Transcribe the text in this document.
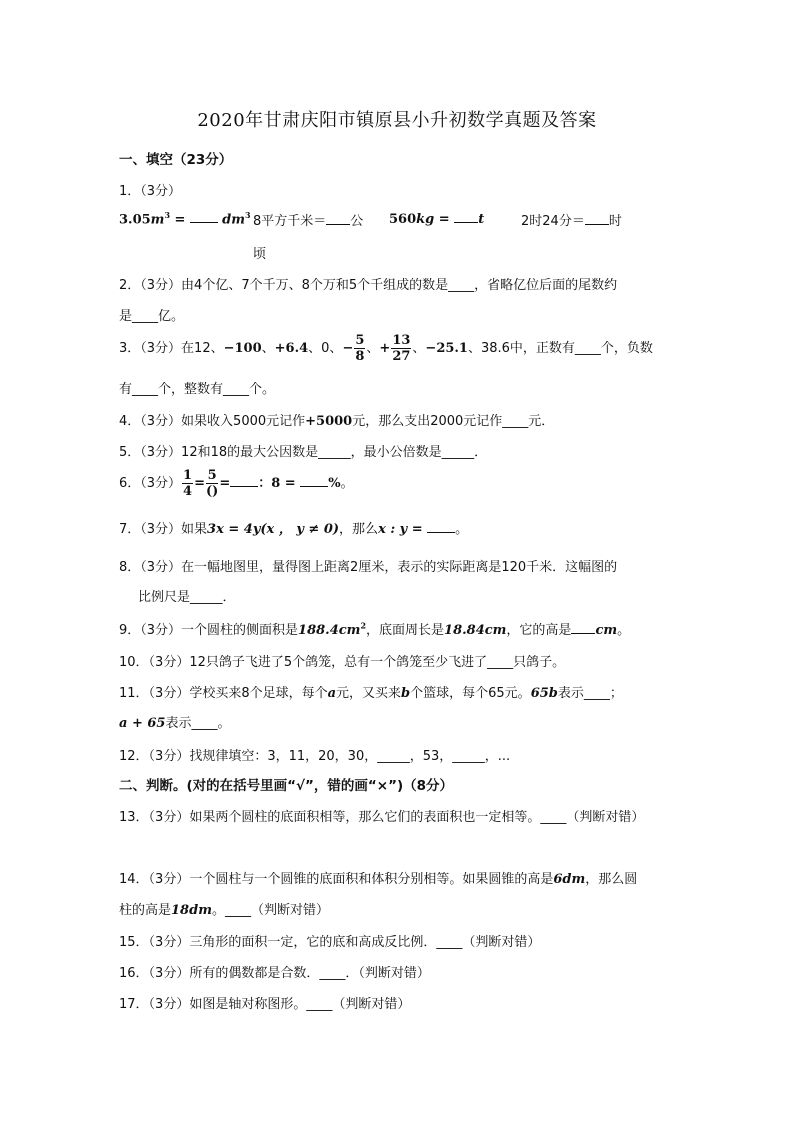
2020年甘肃庆阳市镇原县小升初数学真题及答案
一、填空（23分）
1．（3分）
$3.05m^3 = dm^3$ 8平方千米＝ 公
顷
560kg = t	2时24分＝ 时
2．（3分）由4个亿、7个千万、8个万和5个千组成的数是____，省略亿位后面的尾数约
是____亿。
3．（3分）在12、−100、+6.4、0、− $\frac{5}{8}$ 、+ $\frac{13}{27}$ 、−25.1、38.6中，正数有____个，负数
有____个，整数有____个。
4．（3分）如果收入5000元记作+5000元，那么支出2000元记作____元．
5．（3分）12和18的最大公因数是_____，最小公倍数是_____．
6．（3分） $\frac{1}{4} = \frac{5}{()}$ = ：8 = %。
7．（3分）如果3x = 4y(x ， y ≠ 0)，那么x : y = 。
8．（3分）在一幅地图里，量得图上距离2厘米，表示的实际距离是120千米．这幅图的
比例尺是_____．
9．（3分）一个圆柱的侧面积是$188.4cm^2$，底面周长是18.84cm，它的高是 cm。
10．（3分）12只鸽子飞进了5个鸽笼，总有一个鸽笼至少飞进了____只鸽子。
11．（3分）学校买来8个足球，每个a元，又买来b个篮球，每个65元。65b表示____；
a + 65表示____。
12．（3分）找规律填空：3，11，20，30，_____，53，_____，...
二、判断。(对的在括号里画“√”，错的画“×”)（8分）
13．（3分）如果两个圆柱的底面积相等，那么它们的表面积也一定相等。____（判断对错）
14．（3分）一个圆柱与一个圆锥的底面积和体积分别相等。如果圆锥的高是6dm，那么圆
柱的高是18dm。____（判断对错）
15．（3分）三角形的面积一定，它的底和高成反比例．____（判断对错）
16．（3分）所有的偶数都是合数．____．（判断对错）
17．（3分）如图是轴对称图形。____（判断对错）
